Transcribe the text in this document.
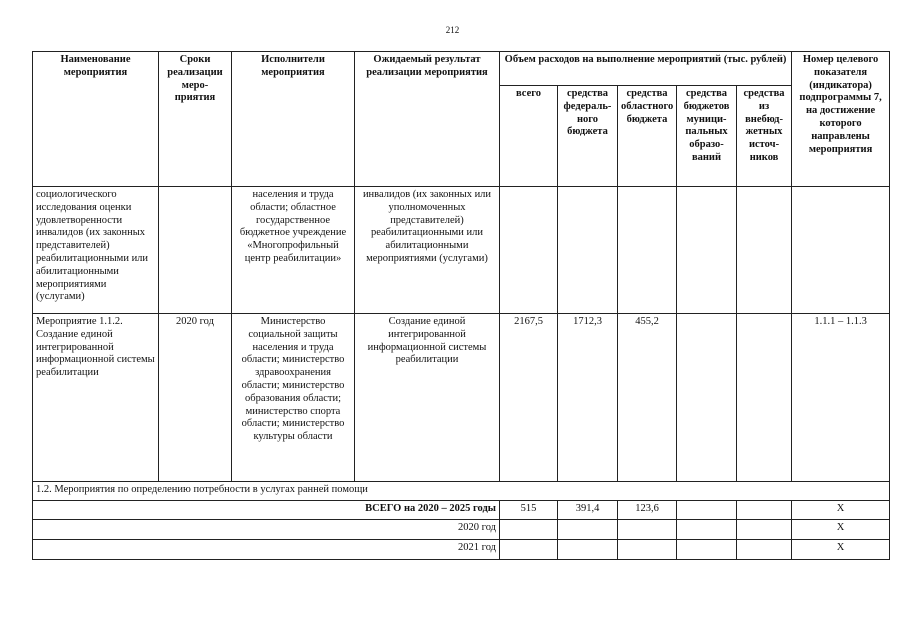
212
Наименование мероприятия	Сроки реализации меро-приятия	Исполнители мероприятия	Ожидаемый результат реализации мероприятия	Объем расходов на выполнение мероприятий (тыс. рублей)					Номер целевого показателя (индикатора) подпрограммы 7, на достижение которого направлены мероприятия
				всего	средства федераль-ного бюджета	средства областного бюджета	средства бюджетов муници-пальных образо-ваний	средства из внебюд-жетных источ-ников	
социологического исследования оценки удовлетворенности инвалидов (их законных представителей) реабилитационными или абилитационными мероприятиями (услугами)		населения и труда области; областное государственное бюджетное учреждение «Многопрофильный центр реабилитации»	инвалидов (их законных или уполномоченных представителей) реабилитационными или абилитационными мероприятиями (услугами)						
Мероприятие 1.1.2. Создание единой интегрированной информационной системы реабилитации	2020 год	Министерство социальной защиты населения и труда области; министерство здравоохранения области; министерство образования области; министерство спорта области; министерство культуры области	Создание единой интегрированной информационной системы реабилитации	2167,5	1712,3	455,2			1.1.1 – 1.1.3
1.2. Мероприятия по определению потребности в услугах ранней помощи									
ВСЕГО на 2020 – 2025 годы				515	391,4	123,6			X
2020 год									X
2021 год									X
